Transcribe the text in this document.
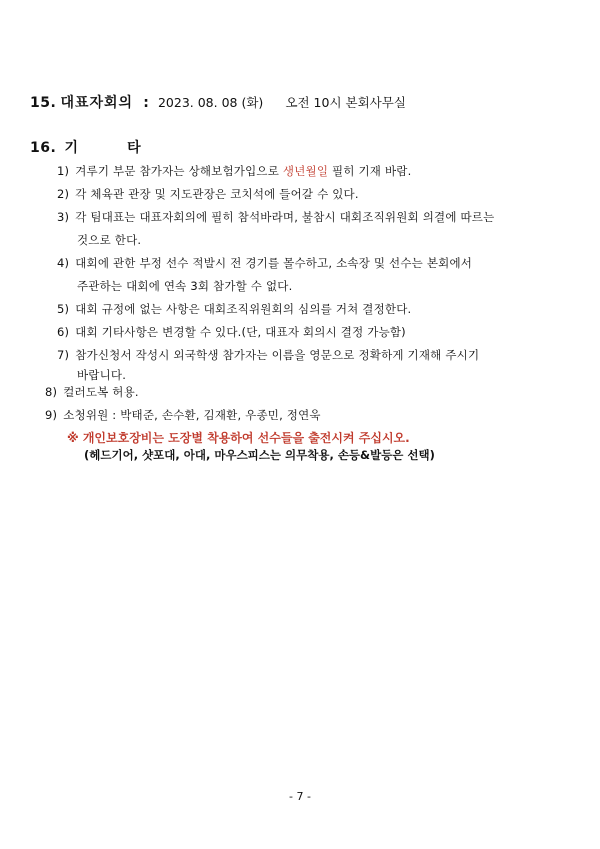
15. 대표자회의 : 2023. 08. 08 (화) 오전 10시 본회사무실
16. 기	타
1) 겨루기 부문 참가자는 상해보험가입으로 생년월일 필히 기재 바람.
2) 각 체육관 관장 및 지도관장은 코치석에 들어갈 수 있다.
3) 각 팀대표는 대표자회의에 필히 참석바라며, 불참시 대회조직위원회 의결에 따르는
것으로 한다.
4) 대회에 관한 부정 선수 적발시 전 경기를 몰수하고, 소속장 및 선수는 본회에서
주관하는 대회에 연속 3회 참가할 수 없다.
5) 대회 규정에 없는 사항은 대회조직위원회의 심의를 거쳐 결정한다.
6) 대회 기타사항은 변경할 수 있다.(단, 대표자 회의시 결정 가능함)
7) 참가신청서 작성시 외국학생 참가자는 이름을 영문으로 정확하게 기재해 주시기
바랍니다.
8) 컬러도복 허용.
9) 소청위원 : 박태준, 손수환, 김재환, 우종민, 정연욱
※ 개인보호장비는 도장별 착용하여 선수들을 출전시켜 주십시오.
(헤드기어, 샷포대, 아대, 마우스피스는 의무착용, 손등&발등은 선택)
- 7 -
